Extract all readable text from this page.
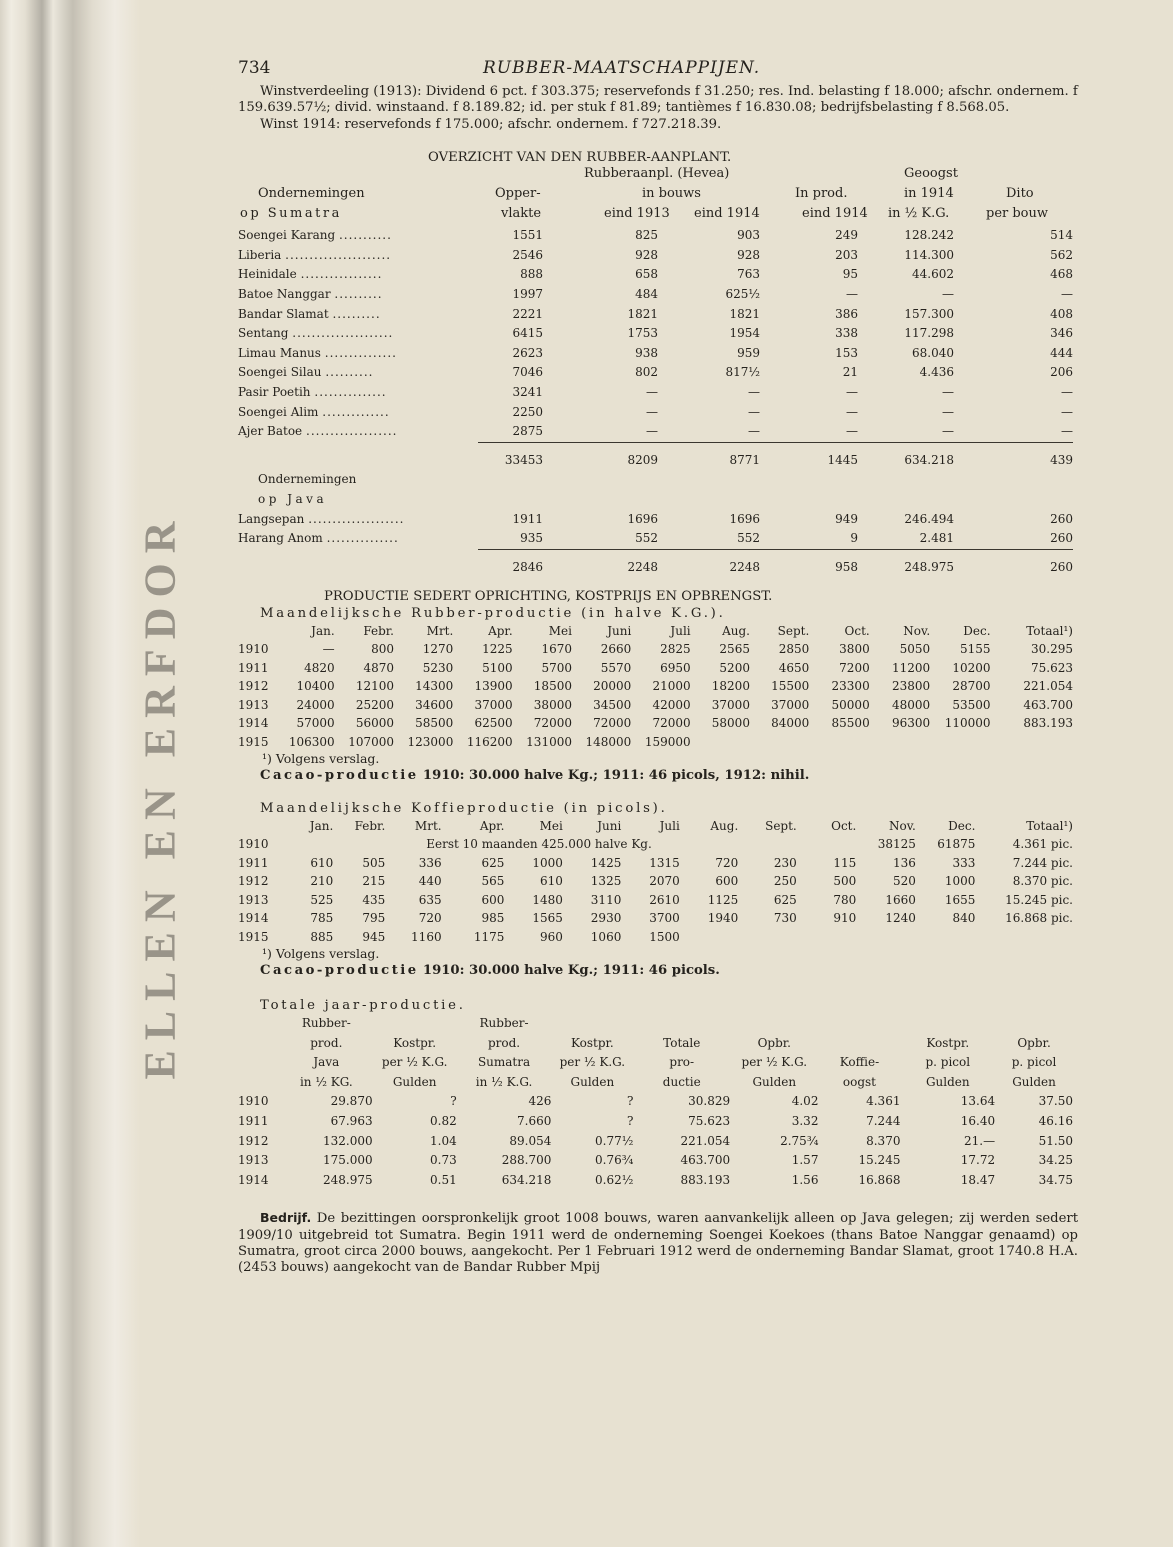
ELLEN EN ERFDOR
734	RUBBER-MAATSCHAPPIJEN.

Winstverdeeling (1913): Dividend 6 pct. f 303.375; reservefonds f 31.250; res. Ind. belasting f 18.000; afschr. ondernem. f 159.639.57½; divid. winstaand. f 8.189.82; id. per stuk f 81.89; tantièmes f 16.830.08; bedrijfsbelasting f 8.568.05.

Winst 1914: reservefonds f 175.000; afschr. ondernem. f 727.218.39.

OVERZICHT VAN DEN RUBBER-AANPLANT.
Rubberaanpl. (Hevea)	Geoogst
Ondernemingen	Opper-	in bouws	In prod.	in 1914	Dito
op Sumatra	vlakte	eind 1913 eind 1914	eind 1914 in ½ K.G.	per bouw
Soengei Karang ...........	1551	825	903	249	128.242	514
Liberia ......................	2546	928	928	203	114.300	562
Heinidale .................	888	658	763	95	44.602	468
Batoe Nanggar ..........	1997	484	625½	—	—	—
Bandar Slamat ..........	2221	1821	1821	386	157.300	408
Sentang .....................	6415	1753	1954	338	117.298	346
Limau Manus ...............	2623	938	959	153	68.040	444
Soengei Silau ..........	7046	802	817½	21	4.436	206
Pasir Poetih ...............	3241	—	—	—	—	—
Soengei Alim ..............	2250	—	—	—	—	—
Ajer Batoe ...................	2875	—	—	—	—	—
	33453	8209	8771	1445	634.218	439
Ondernemingen						
op Java						
Langsepan ....................	1911	1696	1696	949	246.494	260
Harang Anom ...............	935	552	552	9	2.481	260
	2846	2248	2248	958	248.975	260
PRODUCTIE SEDERT OPRICHTING, KOSTPRIJS EN OPBRENGST.
Maandelijksche Rubber-productie (in halve K.G.).
	Jan.	Febr.	Mrt.	Apr.	Mei	Juni	Juli	Aug.	Sept.	Oct.	Nov.	Dec.	Totaal¹)
1910	—	800	1270	1225	1670	2660	2825	2565	2850	3800	5050	5155	30.295
1911	4820	4870	5230	5100	5700	5570	6950	5200	4650	7200	11200	10200	75.623
1912	10400	12100	14300	13900	18500	20000	21000	18200	15500	23300	23800	28700	221.054
1913	24000	25200	34600	37000	38000	34500	42000	37000	37000	50000	48000	53500	463.700
1914	57000	56000	58500	62500	72000	72000	72000	58000	84000	85500	96300	110000	883.193
1915	106300	107000	123000	116200	131000	148000	159000						
¹) Volgens verslag.
Cacao-productie 1910: 30.000 halve Kg.; 1911: 46 picols, 1912: nihil.
Maandelijksche Koffieproductie (in picols).
	Jan.	Febr.	Mrt.	Apr.	Mei	Juni	Juli	Aug.	Sept.	Oct.	Nov.	Dec.	Totaal¹)
1910	Eerst 10 maanden 425.000 halve Kg.										38125	61875	4.361 pic.
1911	610	505	336	625	1000	1425	1315	720	230	115	136	333	7.244 pic.
1912	210	215	440	565	610	1325	2070	600	250	500	520	1000	8.370 pic.
1913	525	435	635	600	1480	3110	2610	1125	625	780	1660	1655	15.245 pic.
1914	785	795	720	985	1565	2930	3700	1940	730	910	1240	840	16.868 pic.
1915	885	945	1160	1175	960	1060	1500						
¹) Volgens verslag.
Cacao-productie 1910: 30.000 halve Kg.; 1911: 46 picols.
Totale jaar-productie.
	Rubber-		Rubber-						
	prod.	Kostpr.	prod.	Kostpr.	Totale	Opbr.		Kostpr.	Opbr.
	Java	per ½ K.G.	Sumatra	per ½ K.G.	pro-	per ½ K.G.	Koffie-	p. picol	p. picol
	in ½ KG.	Gulden	in ½ K.G.	Gulden	ductie	Gulden	oogst	Gulden	Gulden
1910	29.870	?	426	?	30.829	4.02	4.361	13.64	37.50
1911	67.963	0.82	7.660	?	75.623	3.32	7.244	16.40	46.16
1912	132.000	1.04	89.054	0.77½	221.054	2.75¾	8.370	21.—	51.50
1913	175.000	0.73	288.700	0.76¾	463.700	1.57	15.245	17.72	34.25
1914	248.975	0.51	634.218	0.62½	883.193	1.56	16.868	18.47	34.75

Bedrijf. De bezittingen oorspronkelijk groot 1008 bouws, waren aanvankelijk alleen op Java gelegen; zij werden sedert 1909/10 uitgebreid tot Sumatra. Begin 1911 werd de onderneming Soengei Koekoes (thans Batoe Nanggar genaamd) op Sumatra, groot circa 2000 bouws, aangekocht. Per 1 Februari 1912 werd de onderneming Bandar Slamat, groot 1740.8 H.A. (2453 bouws) aangekocht van de Bandar Rubber Mpij
